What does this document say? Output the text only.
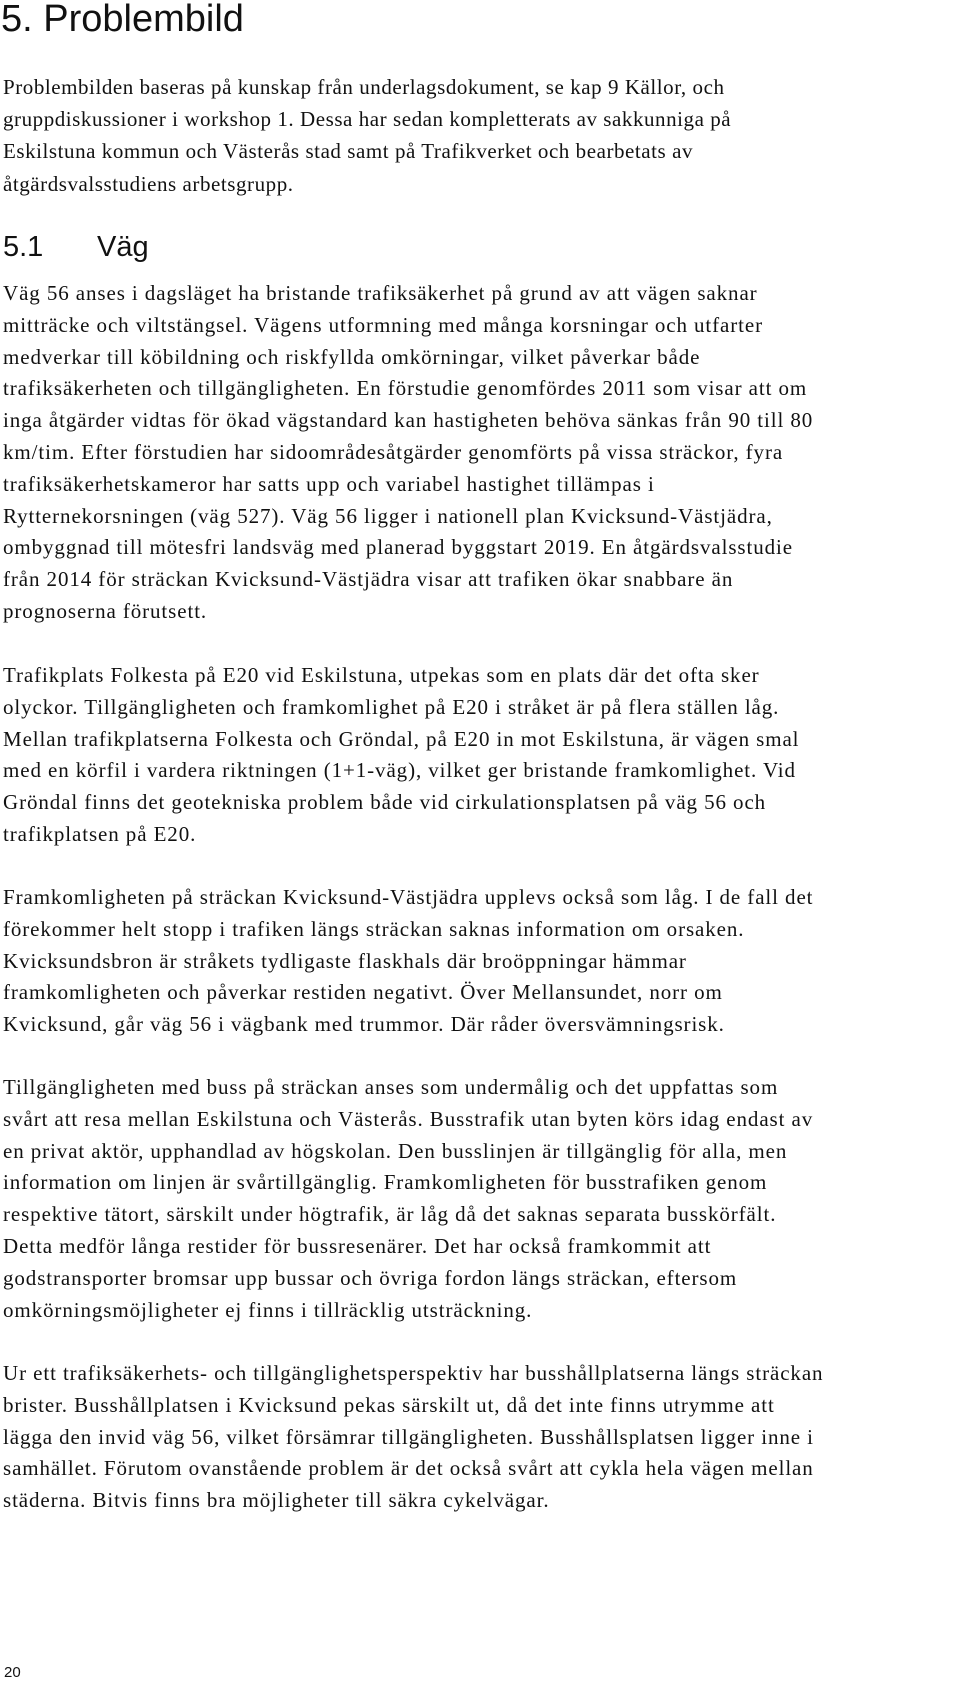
5. Problembild

Problembilden baseras på kunskap från underlagsdokument, se kap 9 Källor, och
gruppdiskussioner i workshop 1. Dessa har sedan kompletterats av sakkunniga på
Eskilstuna kommun och Västerås stad samt på Trafikverket och bearbetats av
åtgärdsvalsstudiens arbetsgrupp.

5.1 Väg

Väg 56 anses i dagsläget ha bristande trafiksäkerhet på grund av att vägen saknar
mitträcke och viltstängsel. Vägens utformning med många korsningar och utfarter
medverkar till köbildning och riskfyllda omkörningar, vilket påverkar både
trafiksäkerheten och tillgängligheten. En förstudie genomfördes 2011 som visar att om
inga åtgärder vidtas för ökad vägstandard kan hastigheten behöva sänkas från 90 till 80
km/tim. Efter förstudien har sidoområdesåtgärder genomförts på vissa sträckor, fyra
trafiksäkerhetskameror har satts upp och variabel hastighet tillämpas i
Rytternekorsningen (väg 527). Väg 56 ligger i nationell plan Kvicksund-Västjädra,
ombyggnad till mötesfri landsväg med planerad byggstart 2019. En åtgärdsvalsstudie
från 2014 för sträckan Kvicksund-Västjädra visar att trafiken ökar snabbare än
prognoserna förutsett.

Trafikplats Folkesta på E20 vid Eskilstuna, utpekas som en plats där det ofta sker
olyckor. Tillgängligheten och framkomlighet på E20 i stråket är på flera ställen låg.
Mellan trafikplatserna Folkesta och Gröndal, på E20 in mot Eskilstuna, är vägen smal
med en körfil i vardera riktningen (1+1-väg), vilket ger bristande framkomlighet. Vid
Gröndal finns det geotekniska problem både vid cirkulationsplatsen på väg 56 och
trafikplatsen på E20.

Framkomligheten på sträckan Kvicksund-Västjädra upplevs också som låg. I de fall det
förekommer helt stopp i trafiken längs sträckan saknas information om orsaken.
Kvicksundsbron är stråkets tydligaste flaskhals där broöppningar hämmar
framkomligheten och påverkar restiden negativt. Över Mellansundet, norr om
Kvicksund, går väg 56 i vägbank med trummor. Där råder översvämningsrisk.

Tillgängligheten med buss på sträckan anses som undermålig och det uppfattas som
svårt att resa mellan Eskilstuna och Västerås. Busstrafik utan byten körs idag endast av
en privat aktör, upphandlad av högskolan. Den busslinjen är tillgänglig för alla, men
information om linjen är svårtillgänglig. Framkomligheten för busstrafiken genom
respektive tätort, särskilt under högtrafik, är låg då det saknas separata busskörfält.
Detta medför långa restider för bussresenärer. Det har också framkommit att
godstransporter bromsar upp bussar och övriga fordon längs sträckan, eftersom
omkörningsmöjligheter ej finns i tillräcklig utsträckning.

Ur ett trafiksäkerhets- och tillgänglighetsperspektiv har busshållplatserna längs sträckan
brister. Busshållplatsen i Kvicksund pekas särskilt ut, då det inte finns utrymme att
lägga den invid väg 56, vilket försämrar tillgängligheten. Busshållsplatsen ligger inne i
samhället. Förutom ovanstående problem är det också svårt att cykla hela vägen mellan
städerna. Bitvis finns bra möjligheter till säkra cykelvägar.

20
